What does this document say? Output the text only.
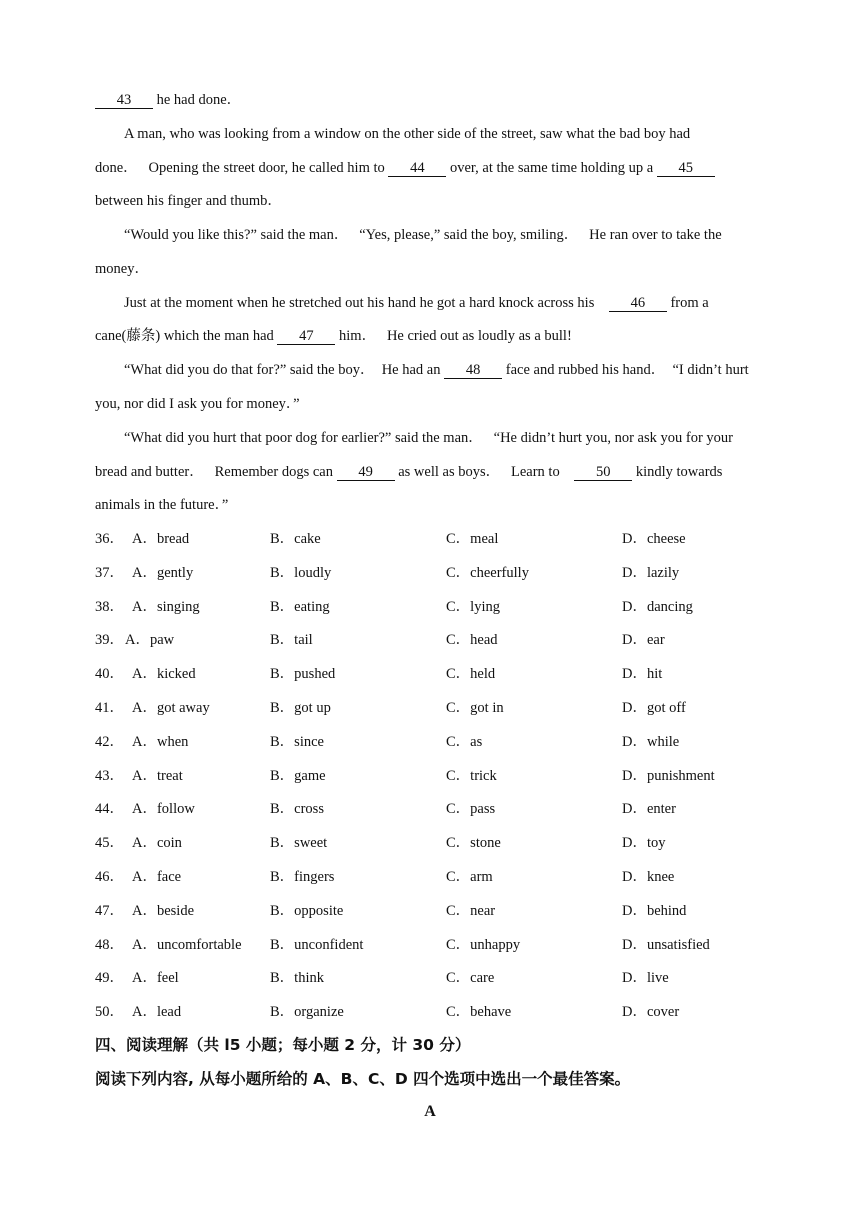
43 he had done．
A man, who was looking from a window on the other side of the street, saw what the bad boy had
done．   Opening the street door, he called him to 44 over, at the same time holding up a 45
between his finger and thumb．
“Would you like this?” said the man．   “Yes, please,” said the boy, smiling．   He ran over to take the
money．
Just at the moment when he stretched out his hand he got a hard knock across his    46 from a
cane(藤条) which the man had 47 him．   He cried out as loudly as a bull!
“What did you do that for?” said the boy．  He had an 48 face and rubbed his hand．  “I didn’t hurt
you, nor did I ask you for money．”
“What did you hurt that poor dog for earlier?” said the man．   “He didn’t hurt you, nor ask you for your
bread and butter．   Remember dogs can 49 as well as boys．   Learn to    50 kindly towards
animals in the future．”
36． A．bread	B．cake	C．meal	D．cheese
37． A．gently	B．loudly	C．cheerfully	D．lazily
38． A．singing	B．eating	C．lying	D．dancing
39． A．paw	B．tail	C．head	D．ear
40． A．kicked	B．pushed	C．held	D．hit
41． A．got away	B．got up	C．got in	D．got off
42． A．when	B．since	C．as	D．while
43． A．treat	B．game	C．trick	D．punishment
44． A．follow	B．cross	C．pass	D．enter
45． A．coin	B．sweet	C．stone	D．toy
46． A．face	B．fingers	C．arm	D．knee
47． A．beside	B．opposite	C．near	D．behind
48． A．uncomfortable B．unconfident	C．unhappy	D．unsatisfied
49． A．feel	B．think	C．care	D．live
50． A．lead	B．organize	C．behave	D．cover
四、阅读理解（共 l5 小题；每小题 2 分，计 30 分）
阅读下列内容, 从每小题所给的 A、B、C、D 四个选项中选出一个最佳答案。
A
